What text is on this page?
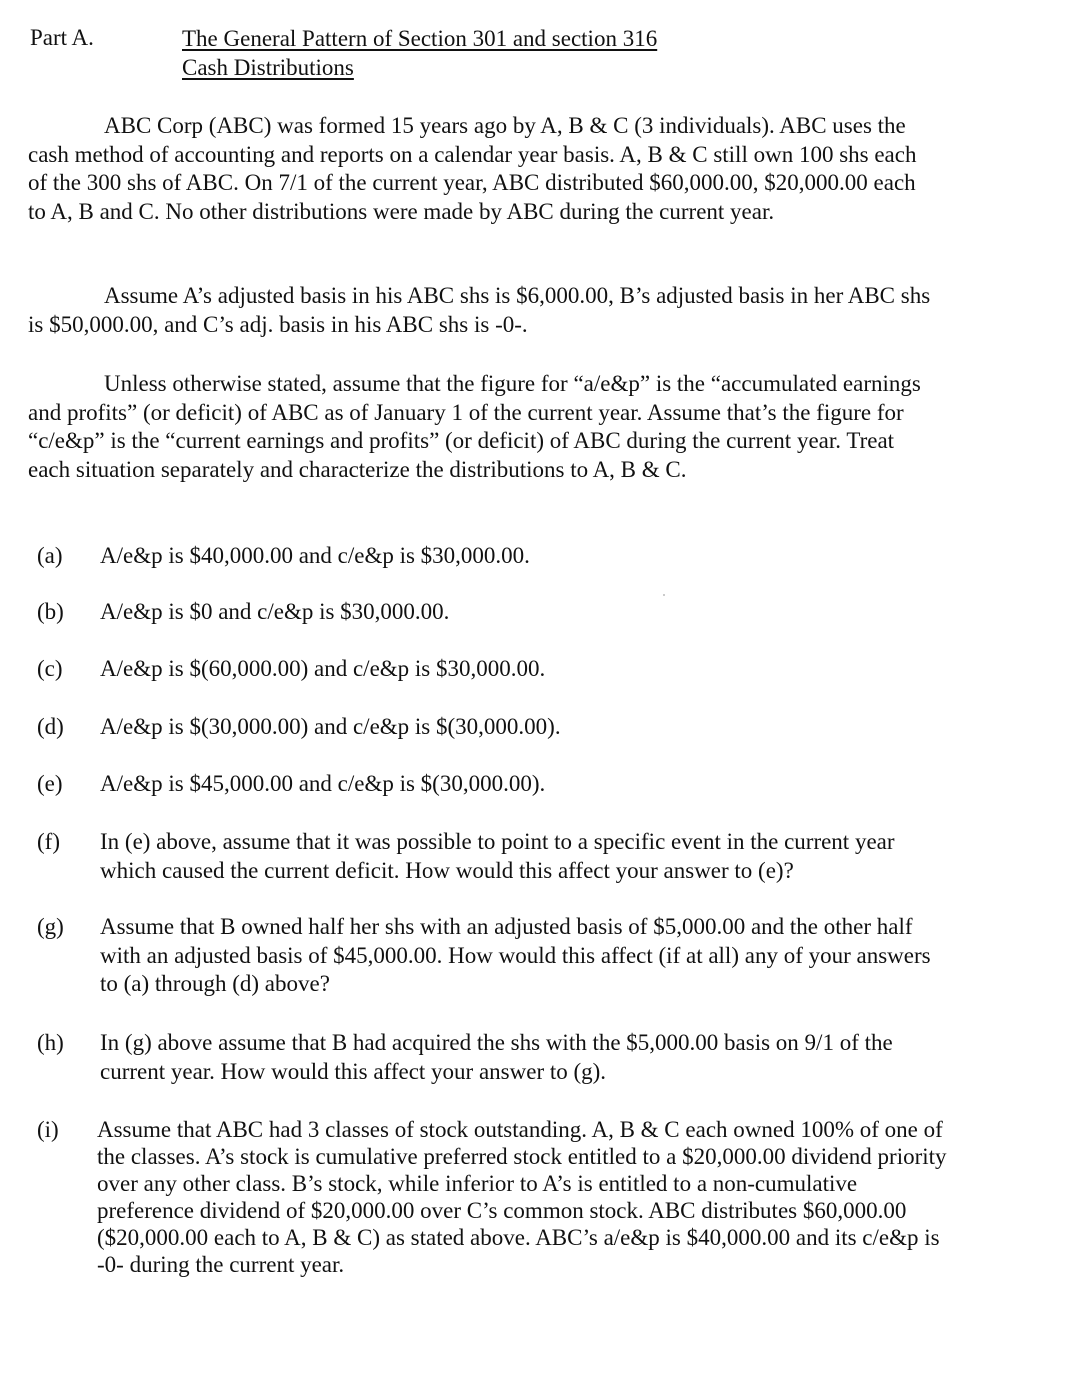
Part A.	The General Pattern of Section 301 and section 316
Cash Distributions
ABC Corp (ABC) was formed 15 years ago by A, B & C (3 individuals). ABC uses the cash method of accounting and reports on a calendar year basis. A, B & C still own 100 shs each of the 300 shs of ABC. On 7/1 of the current year, ABC distributed $60,000.00, $20,000.00 each to A, B and C. No other distributions were made by ABC during the current year.
Assume A’s adjusted basis in his ABC shs is $6,000.00, B’s adjusted basis in her ABC shs is $50,000.00, and C’s adj. basis in his ABC shs is -0-.
Unless otherwise stated, assume that the figure for “a/e&p” is the “accumulated earnings and profits” (or deficit) of ABC as of January 1 of the current year. Assume that’s the figure for “c/e&p” is the “current earnings and profits” (or deficit) of ABC during the current year. Treat each situation separately and characterize the distributions to A, B & C.
(a) A/e&p is $40,000.00 and c/e&p is $30,000.00.
(b) A/e&p is $0 and c/e&p is $30,000.00.
(c) A/e&p is $(60,000.00) and c/e&p is $30,000.00.
(d) A/e&p is $(30,000.00) and c/e&p is $(30,000.00).
(e) A/e&p is $45,000.00 and c/e&p is $(30,000.00).
(f) In (e) above, assume that it was possible to point to a specific event in the current year which caused the current deficit. How would this affect your answer to (e)?
(g) Assume that B owned half her shs with an adjusted basis of $5,000.00 and the other half with an adjusted basis of $45,000.00. How would this affect (if at all) any of your answers to (a) through (d) above?
(h) In (g) above assume that B had acquired the shs with the $5,000.00 basis on 9/1 of the current year. How would this affect your answer to (g).
(i) Assume that ABC had 3 classes of stock outstanding. A, B & C each owned 100% of one of the classes. A’s stock is cumulative preferred stock entitled to a $20,000.00 dividend priority over any other class. B’s stock, while inferior to A’s is entitled to a non-cumulative preference dividend of $20,000.00 over C’s common stock. ABC distributes $60,000.00 ($20,000.00 each to A, B & C) as stated above. ABC’s a/e&p is $40,000.00 and its c/e&p is -0- during the current year.
